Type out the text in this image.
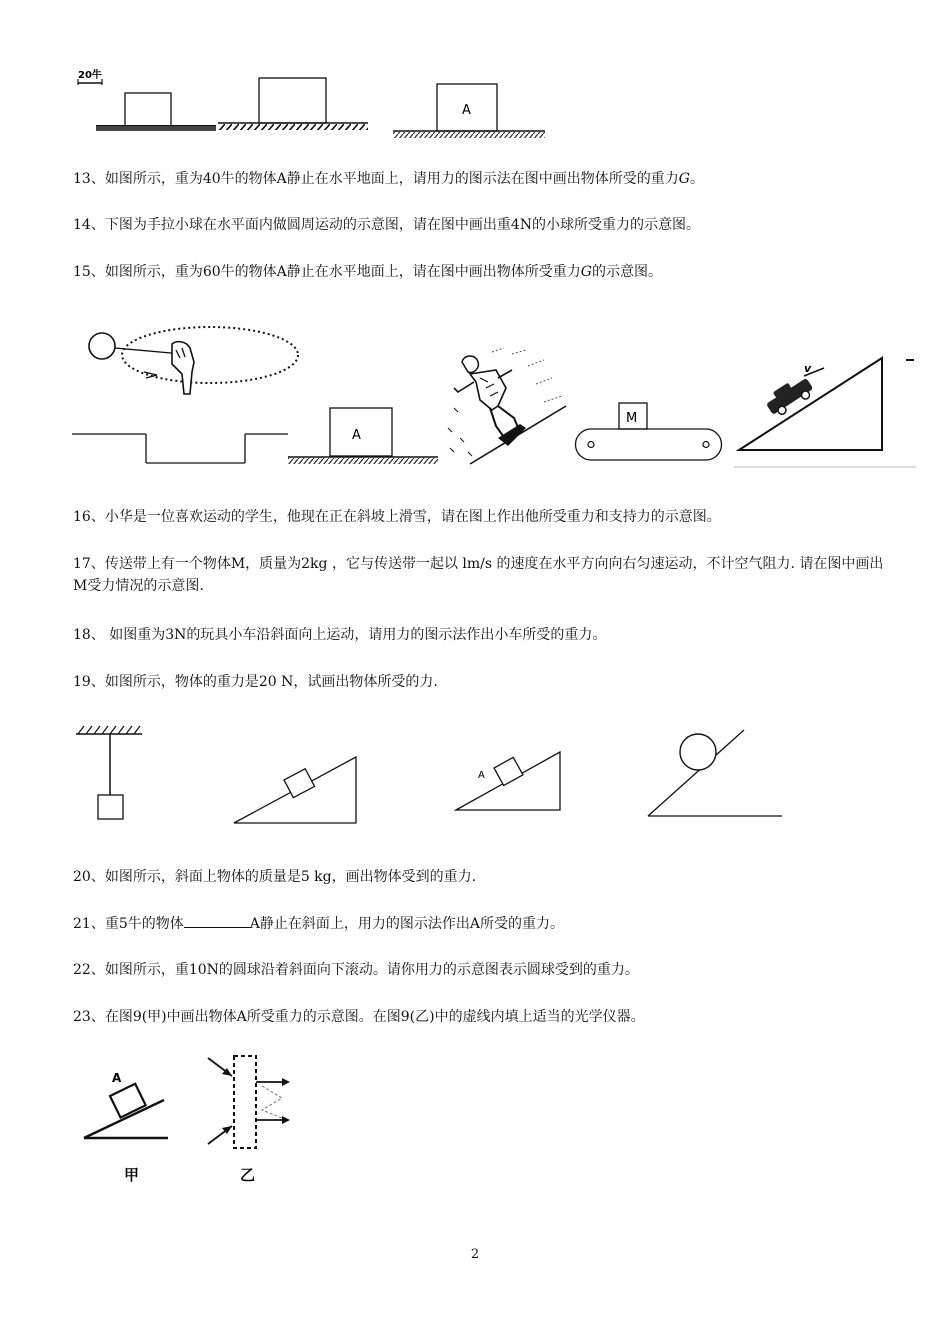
20牛
A
13、如图所示，重为40牛的物体A静止在水平地面上，请用力的图示法在图中画出物体所受的重力G。
14、下图为手拉小球在水平面内做圆周运动的示意图，请在图中画出重4N的小球所受重力的示意图。
15、如图所示，重为60牛的物体A静止在水平地面上，请在图中画出物体所受重力G的示意图。
A
M
v
16、小华是一位喜欢运动的学生，他现在正在斜坡上滑雪，请在图上作出他所受重力和支持力的示意图。
17、传送带上有一个物体M，质量为2kg ，它与传送带一起以 lm/s 的速度在水平方向向右匀速运动，不计空气阻力. 请在图中画出M受力情况的示意图.
18、 如图重为3N的玩具小车沿斜面向上运动，请用力的图示法作出小车所受的重力。
19、如图所示，物体的重力是20 N，试画出物体所受的力.
A
20、如图所示，斜面上物体的质量是5 kg，画出物体受到的重力.
21、重5牛的物体	A静止在斜面上，用力的图示法作出A所受的重力。
22、如图所示，重10N的圆球沿着斜面向下滚动。请你用力的示意图表示圆球受到的重力。
23、在图9(甲)中画出物体A所受重力的示意图。在图9(乙)中的虚线内填上适当的光学仪器。
A
甲	乙
2
